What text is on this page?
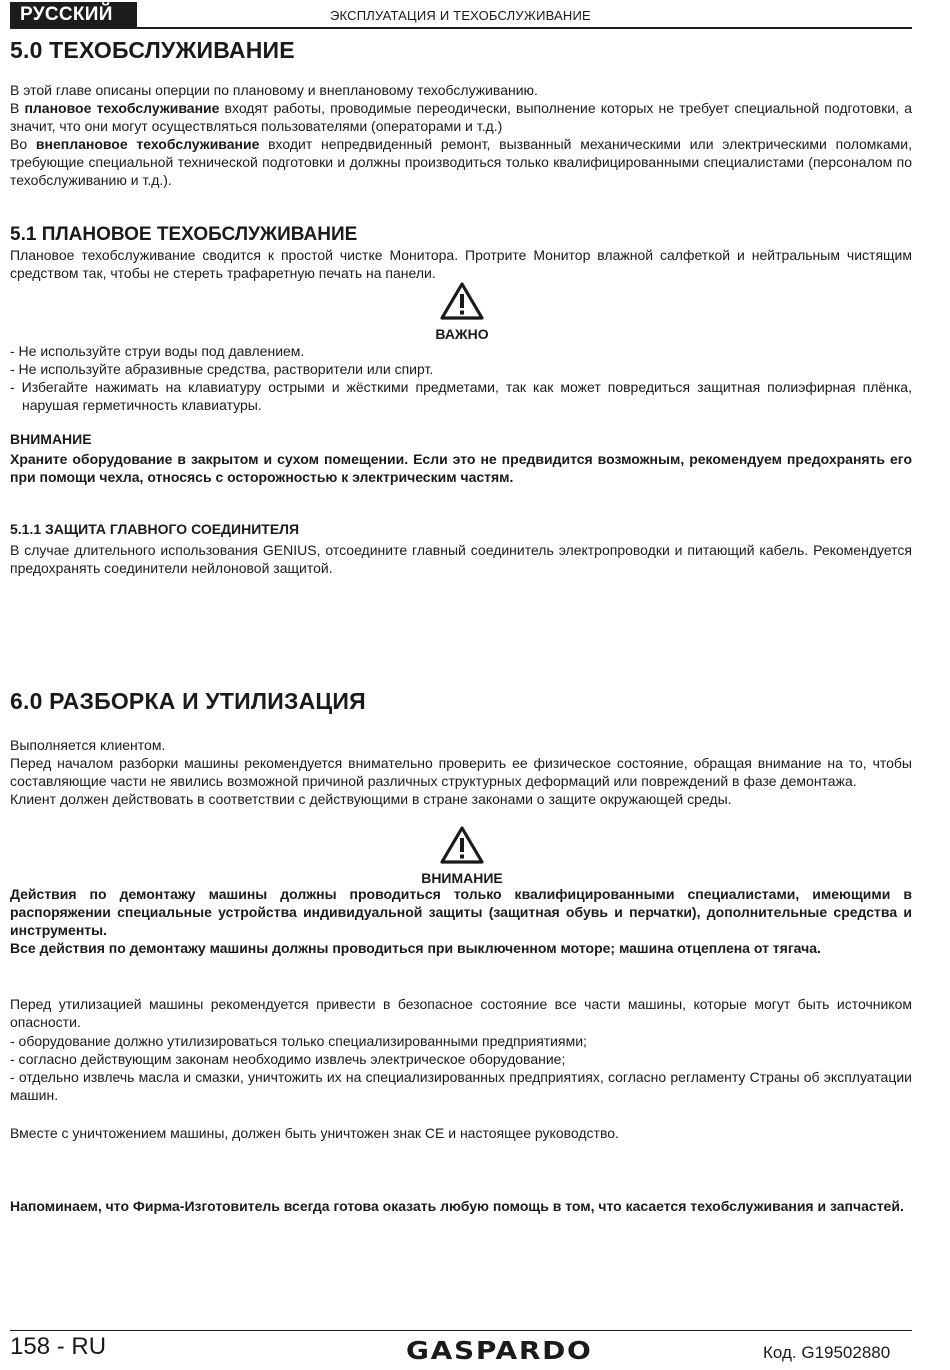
РУССКИЙ	ЭКСПЛУАТАЦИЯ И ТЕХОБСЛУЖИВАНИЕ
5.0 ТЕХОБСЛУЖИВАНИЕ

В этой главе описаны оперции по плановому и внеплановому техобслуживанию.

В плановое техобслуживание входят работы, проводимые переодически, выполнение которых не требует специальной подготовки, а значит, что они могут осуществляться пользователями (операторами и т.д.)

Во внеплановое техобслуживание входит непредвиденный ремонт, вызванный механическими или электрическими поломками, требующие специальной технической подготовки и должны производиться только квалифицированными специалистами (персоналом по техобслуживанию и т.д.).

5.1 ПЛАНОВОЕ ТЕХОБСЛУЖИВАНИЕ
Плановое техобслуживание сводится к простой чистке Монитора. Протрите Монитор влажной салфеткой и нейтральным чистящим средством так, чтобы не стереть трафаретную печать на панели.
ВАЖНО
- Не используйте струи воды под давлением.
- Не используйте абразивные средства, растворители или спирт.
- Избегайте нажимать на клавиатуру острыми и жёсткими предметами, так как может повредиться защитная полиэфирная плёнка, нарушая герметичность клавиатуры.
ВНИМАНИЕ
Храните оборудование в закрытом и сухом помещении. Если это не предвидится возможным, рекомендуем предохранять его при помощи чехла, относясь с осторожностью к электрическим частям.
5.1.1 ЗАЩИТА ГЛАВНОГО СОЕДИНИТЕЛЯ
В случае длительного использования GENIUS, отсоедините главный соединитель электропроводки и питающий кабель. Рекомендуется предохранять соединители нейлоновой защитой.
6.0 РАЗБОРКА И УТИЛИЗАЦИЯ

Выполняется клиентом.

Перед началом разборки машины рекомендуется внимательно проверить ее физическое состояние, обращая внимание на то, чтобы составляющие части не явились возможной причиной различных структурных деформаций или повреждений в фазе демонтажа.

Клиент должен действовать в соответствии с действующими в стране законами о защите окружающей среды.

ВНИМАНИЕ

Действия по демонтажу машины должны проводиться только квалифицированными специалистами, имеющими в распоряжении специальные устройства индивидуальной защиты (защитная обувь и перчатки), дополнительные средства и инструменты.

Все действия по демонтажу машины должны проводиться при выключенном моторе; машина отцеплена от тягача.

Перед утилизацией машины рекомендуется привести в безопасное состояние все части машины, которые могут быть источником опасности.
- оборудование должно утилизироваться только специализированными предприятиями;
- согласно действующим законам необходимо извлечь электрическое оборудование;
- отдельно извлечь масла и смазки, уничтожить их на специализированных предприятиях, согласно регламенту Страны об эксплуатации машин.
Вместе с уничтожением машины, должен быть уничтожен знак CE и настоящее руководство.
Напоминаем, что Фирма-Изготовитель всегда готова оказать любую помощь в том, что касается техобслуживания и запчастей.
158 - RU	GASPARDO	Код. G19502880
